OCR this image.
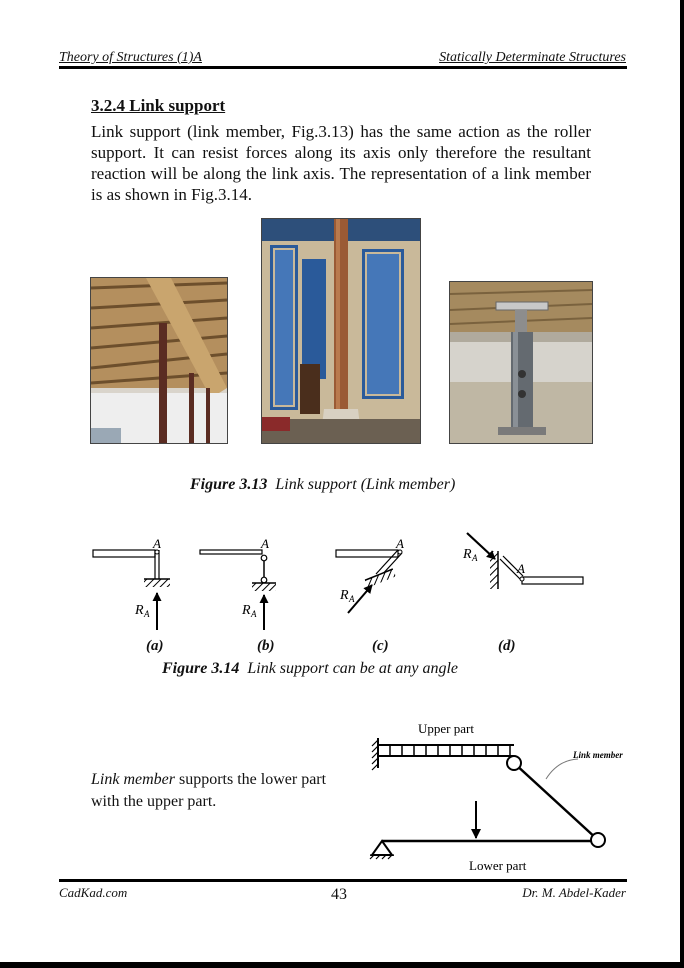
Theory of Structures (1)A	Statically Determinate Structures
3.2.4 Link support
Link support (link member, Fig.3.13) has the same action as the roller support. It can resist forces along its axis only therefore the resultant reaction will be along the link axis. The representation of a link member is as shown in Fig.3.14.
Figure 3.13 Link support (Link member)
A
R A
A
R A
A
R A
R A
A
(a)	(b)	(c)	(d)
Figure 3.14 Link support can be at any angle
Link member supports the lower part with the upper part.
Upper part
Link member
Lower part
CadKad.com	43	Dr. M. Abdel-Kader
